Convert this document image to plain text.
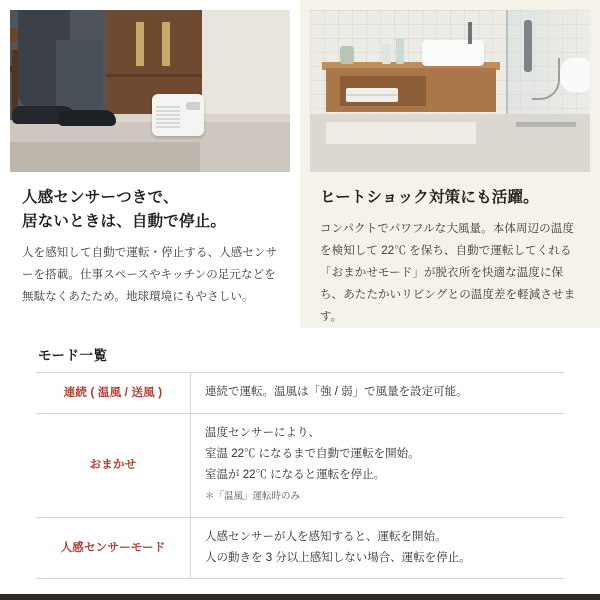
人感センサーつきで、
居ないときは、自動で停止。

人を感知して自動で運転・停止する、人感センサーを搭載。仕事スペースやキッチンの足元などを無駄なくあたため。地球環境にもやさしい。

ヒートショック対策にも活躍。

コンパクトでパワフルな大風量。本体周辺の温度を検知して 22℃ を保ち、自動で運転してくれる「おまかせモード」が脱衣所を快適な温度に保ち、あたたかいリビングとの温度差を軽減させます。

モード一覧
連続 ( 温風 / 送風 )	連続で運転。温風は「強 / 弱」で風量を設定可能。
おまかせ	温度センサーにより、
室温 22℃ になるまで自動で運転を開始。
室温が 22℃ になると運転を停止。
＊「温風」運転時のみ
人感センサーモード	人感センサーが人を感知すると、運転を開始。
人の動きを 3 分以上感知しない場合、運転を停止。
